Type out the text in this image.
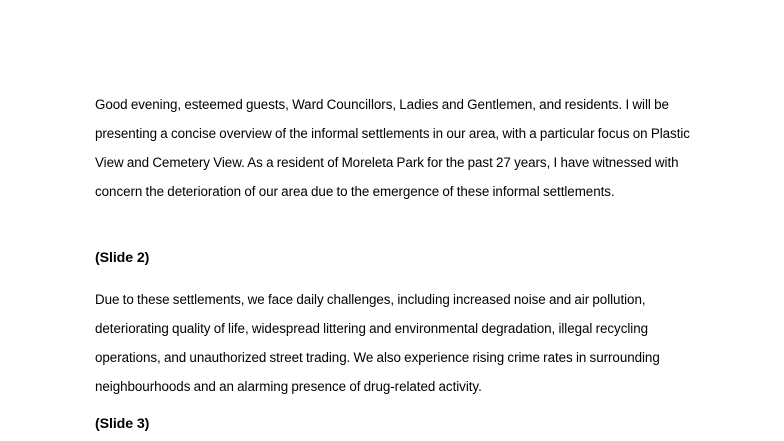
Good evening, esteemed guests, Ward Councillors, Ladies and Gentlemen, and residents. I will be presenting a concise overview of the informal settlements in our area, with a particular focus on Plastic View and Cemetery View. As a resident of Moreleta Park for the past 27 years, I have witnessed with concern the deterioration of our area due to the emergence of these informal settlements.

(Slide 2)

Due to these settlements, we face daily challenges, including increased noise and air pollution, deteriorating quality of life, widespread littering and environmental degradation, illegal recycling operations, and unauthorized street trading. We also experience rising crime rates in surrounding neighbourhoods and an alarming presence of drug-related activity.

(Slide 3)
